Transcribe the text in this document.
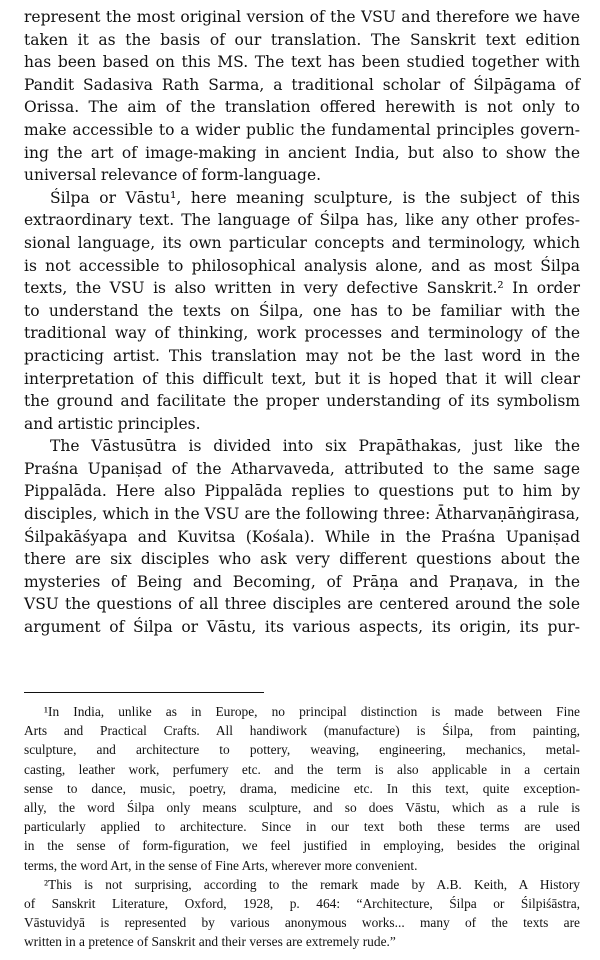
represent the most original version of the VSU and therefore we have
taken it as the basis of our translation. The Sanskrit text edition
has been based on this MS. The text has been studied together with
Pandit Sadasiva Rath Sarma, a traditional scholar of Śilpāgama of
Orissa. The aim of the translation offered herewith is not only to
make accessible to a wider public the fundamental principles govern-
ing the art of image-making in ancient India, but also to show the
universal relevance of form-language.

Śilpa or Vāstu¹, here meaning sculpture, is the subject of this
extraordinary text. The language of Śilpa has, like any other profes-
sional language, its own particular concepts and terminology, which
is not accessible to philosophical analysis alone, and as most Śilpa
texts, the VSU is also written in very defective Sanskrit.² In order
to understand the texts on Śilpa, one has to be familiar with the
traditional way of thinking, work processes and terminology of the
practicing artist. This translation may not be the last word in the
interpretation of this difficult text, but it is hoped that it will clear
the ground and facilitate the proper understanding of its symbolism
and artistic principles.

The Vāstusūtra is divided into six Prapāthakas, just like the
Praśna Upaniṣad of the Atharvaveda, attributed to the same sage
Pippalāda. Here also Pippalāda replies to questions put to him by
disciples, which in the VSU are the following three: Ātharvaṇāṅgirasa,
Śilpakāśyapa and Kuvitsa (Kośala). While in the Praśna Upaniṣad
there are six disciples who ask very different questions about the
mysteries of Being and Becoming, of Prāṇa and Praṇava, in the
VSU the questions of all three disciples are centered around the sole
argument of Śilpa or Vāstu, its various aspects, its origin, its pur-

¹In India, unlike as in Europe, no principal distinction is made between Fine
Arts and Practical Crafts. All handiwork (manufacture) is Śilpa, from painting,
sculpture, and architecture to pottery, weaving, engineering, mechanics, metal-
casting, leather work, perfumery etc. and the term is also applicable in a certain
sense to dance, music, poetry, drama, medicine etc. In this text, quite exception-
ally, the word Śilpa only means sculpture, and so does Vāstu, which as a rule is
particularly applied to architecture. Since in our text both these terms are used
in the sense of form-figuration, we feel justified in employing, besides the original
terms, the word Art, in the sense of Fine Arts, wherever more convenient.
²This is not surprising, according to the remark made by A.B. Keith, A History
of Sanskrit Literature, Oxford, 1928, p. 464: “Architecture, Śilpa or Śilpiśāstra,
Vāstuvidyā is represented by various anonymous works... many of the texts are
written in a pretence of Sanskrit and their verses are extremely rude.”
